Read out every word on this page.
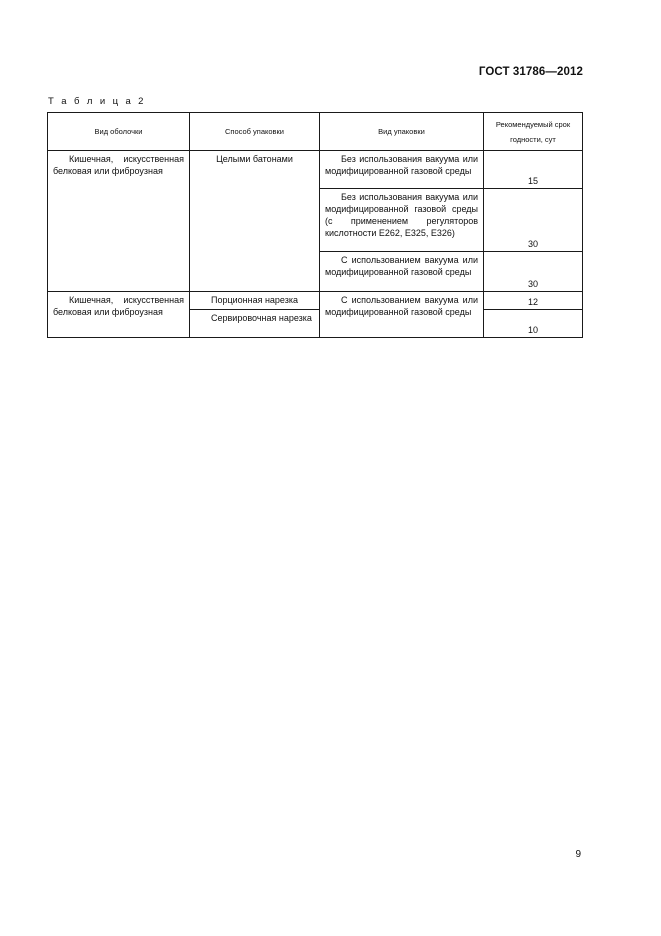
ГОСТ 31786—2012
Т а б л и ц а 2
Вид оболочки	Способ упаковки	Вид упаковки	Рекомендуемый срок годности, сут

Кишечная, искусственная белковая или фиброузная	Целыми батонами	Без использования вакуума или модифицированной газовой среды	15

		Без использования вакуума или модифицированной газовой среды (с применением регуляторов кислотности Е262, Е325, Е326)	30

		С использованием вакуума или модифицированной газовой среды	30

Кишечная, искусственная белковая или фиброузная	Порционная нарезка	С использованием вакуума или модифицированной газовой среды	12

	Сервировочная нарезка		10
9
